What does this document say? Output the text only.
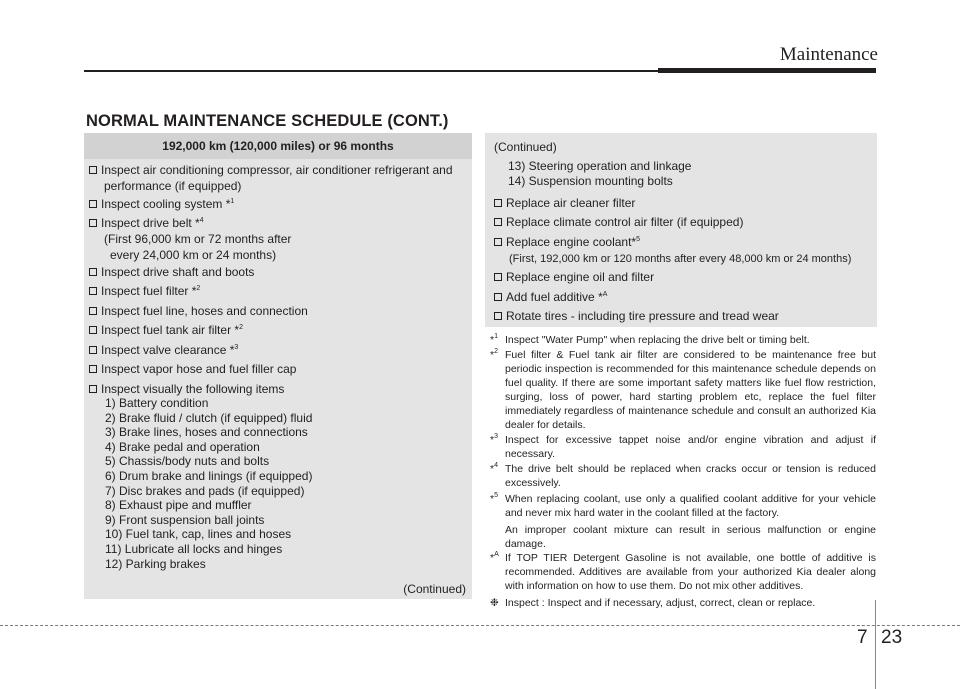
Maintenance
NORMAL MAINTENANCE SCHEDULE (CONT.)
192,000 km (120,000 miles) or 96 months
Inspect air conditioning compressor, air conditioner refrigerant and
performance (if equipped)
Inspect cooling system *$^1$
Inspect drive belt *$^4$
(First 96,000 km or 72 months after
every 24,000 km or 24 months)
Inspect drive shaft and boots
Inspect fuel filter *$^2$
Inspect fuel line, hoses and connection
Inspect fuel tank air filter *$^2$
Inspect valve clearance *$^3$
Inspect vapor hose and fuel filler cap
Inspect visually the following items
1) Battery condition
2) Brake fluid / clutch (if equipped) fluid
3) Brake lines, hoses and connections
4) Brake pedal and operation
5) Chassis/body nuts and bolts
6) Drum brake and linings (if equipped)
7) Disc brakes and pads (if equipped)
8) Exhaust pipe and muffler
9) Front suspension ball joints
10) Fuel tank, cap, lines and hoses
11) Lubricate all locks and hinges
12) Parking brakes
(Continued)
(Continued)
13) Steering operation and linkage
14) Suspension mounting bolts
Replace air cleaner filter
Replace climate control air filter (if equipped)
Replace engine coolant*$^5$
(First, 192,000 km or 120 months after every 48,000 km or 24 months)
Replace engine oil and filter
Add fuel additive *$^A$
Rotate tires - including tire pressure and tread wear
*$^1$ Inspect "Water Pump" when replacing the drive belt or timing belt.

*$^2$ Fuel filter & Fuel tank air filter are considered to be maintenance free but periodic inspection is recommended for this maintenance schedule depends on fuel quality. If there are some important safety matters like fuel flow restriction, surging, loss of power, hard starting problem etc, replace the fuel filter immediately regardless of maintenance schedule and consult an authorized Kia dealer for details.

*$^3$ Inspect for excessive tappet noise and/or engine vibration and adjust if necessary.

*$^4$ The drive belt should be replaced when cracks occur or tension is reduced excessively.

*$^5$ When replacing coolant, use only a qualified coolant additive for your vehicle and never mix hard water in the coolant filled at the factory.

An improper coolant mixture can result in serious malfunction or engine damage.

*$^A$ If TOP TIER Detergent Gasoline is not available, one bottle of additive is recommended. Additives are available from your authorized Kia dealer along with information on how to use them. Do not mix other additives.

❉ Inspect : Inspect and if necessary, adjust, correct, clean or replace.

7 23
